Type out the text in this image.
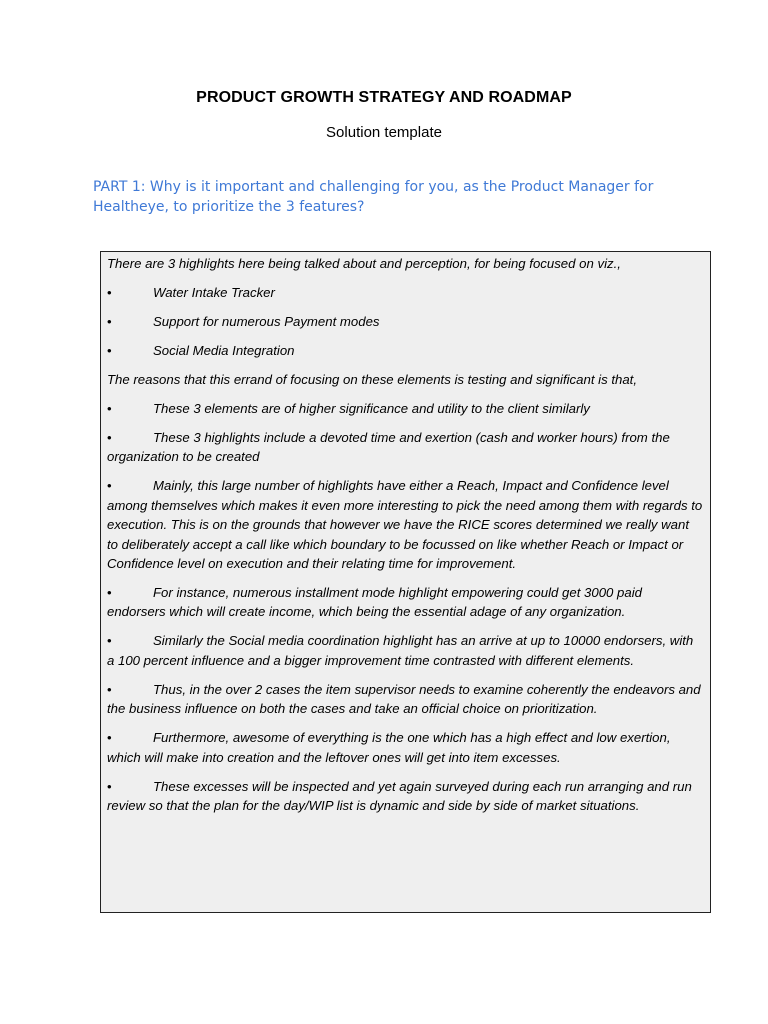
PRODUCT GROWTH STRATEGY AND ROADMAP
Solution template
PART 1: Why is it important and challenging for you, as the Product Manager for Healtheye, to prioritize the 3 features?

There are 3 highlights here being talked about and perception, for being focused on viz.,

•	Water Intake Tracker

•	Support for numerous Payment modes

•	Social Media Integration

The reasons that this errand of focusing on these elements is testing and significant is that,

•	These 3 elements are of higher significance and utility to the client similarly

•	These 3 highlights include a devoted time and exertion (cash and worker hours) from the organization to be created

•	Mainly, this large number of highlights have either a Reach, Impact and Confidence level among themselves which makes it even more interesting to pick the need among them with regards to execution. This is on the grounds that however we have the RICE scores determined we really want to deliberately accept a call like which boundary to be focussed on like whether Reach or Impact or Confidence level on execution and their relating time for improvement.

•	For instance, numerous installment mode highlight empowering could get 3000 paid endorsers which will create income, which being the essential adage of any organization.

•	Similarly the Social media coordination highlight has an arrive at up to 10000 endorsers, with a 100 percent influence and a bigger improvement time contrasted with different elements.

•	Thus, in the over 2 cases the item supervisor needs to examine coherently the endeavors and the business influence on both the cases and take an official choice on prioritization.

•	Furthermore, awesome of everything is the one which has a high effect and low exertion, which will make into creation and the leftover ones will get into item excesses.

•	These excesses will be inspected and yet again surveyed during each run arranging and run review so that the plan for the day/WIP list is dynamic and side by side of market situations.
